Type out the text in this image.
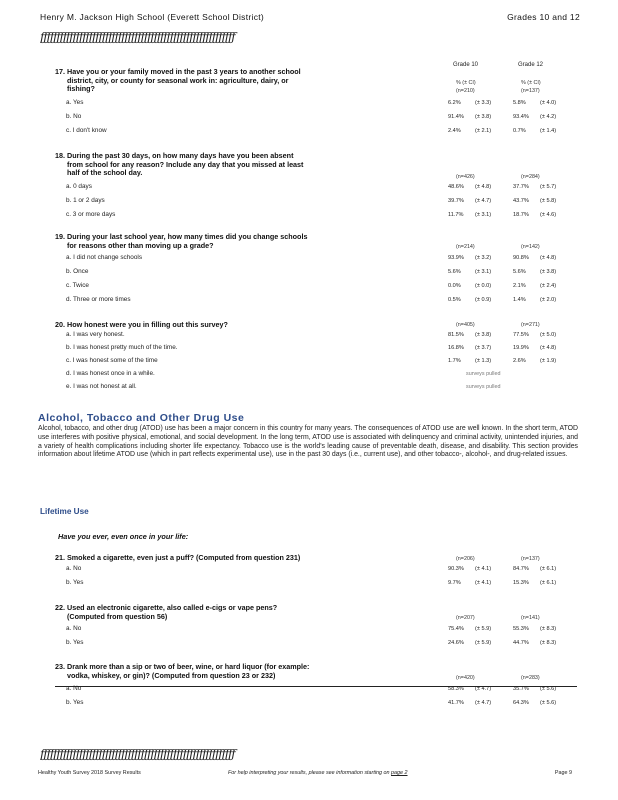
Henry M. Jackson High School (Everett School District)	Grades 10 and 12
ƒƒƒƒƒƒƒƒƒƒƒƒƒƒƒƒƒƒƒƒƒƒƒƒƒƒƒƒƒƒƒƒƒƒƒƒƒƒƒƒƒƒƒƒƒƒƒƒƒƒƒƒƒƒƒƒƒƒƒƒ
Grade 10	Grade 12
% (± CI)	% (± CI)
17. Have you or your family moved in the past 3 years to another school
district, city, or county for seasonal work in: agriculture, dairy, or
fishing?	(n=210)	(n=137)
a. Yes	6.2%	(± 3.3)	5.8%	(± 4.0)
b. No	91.4% (± 3.8)	93.4% (± 4.2)
c. I don't know	2.4%	(± 2.1)	0.7%	(± 1.4)
18. During the past 30 days, on how many days have you been absent
from school for any reason? Include any day that you missed at least
half of the school day.	(n=426)	(n=284)
a. 0 days	48.6% (± 4.8)	37.7% (± 5.7)
b. 1 or 2 days	39.7% (± 4.7)	43.7% (± 5.8)
c. 3 or more days	11.7% (± 3.1)	18.7% (± 4.6)
19. During your last school year, how many times did you change schools
for reasons other than moving up a grade?	(n=214)	(n=142)
a. I did not change schools	93.9% (± 3.2)	90.8% (± 4.8)
b. Once	5.6%	(± 3.1)	5.6%	(± 3.8)
c. Twice	0.0%	(± 0.0)	2.1%	(± 2.4)
d. Three or more times	0.5%	(± 0.9)	1.4%	(± 2.0)
20. How honest were you in filling out this survey?	(n=405)	(n=271)
a. I was very honest.	81.5% (± 3.8)	77.5% (± 5.0)
b. I was honest pretty much of the time.	16.8% (± 3.7)	19.9% (± 4.8)
c. I was honest some of the time	1.7%	(± 1.3)	2.6%	(± 1.9)
d. I was honest once in a while.	surveys pulled
e. I was not honest at all.	surveys pulled
Alcohol, Tobacco and Other Drug Use
Alcohol, tobacco, and other drug (ATOD) use has been a major concern in this country for many years. The consequences of ATOD use are well known. In the short term, ATOD use interferes with positive physical, emotional, and social development. In the long term, ATOD use is associated with delinquency and criminal activity, unintended injuries, and a variety of health complications including shorter life expectancy. Tobacco use is the world's leading cause of preventable death, disease, and disability. This section provides information about lifetime ATOD use (which in part reflects experimental use), use in the past 30 days (i.e., current use), and other tobacco-, alcohol-, and drug-related issues.
Lifetime Use
Have you ever, even once in your life:
21. Smoked a cigarette, even just a puff? (Computed from question 231)	(n=206)	(n=137)
a. No	90.3% (± 4.1)	84.7% (± 6.1)
b. Yes	9.7%	(± 4.1)	15.3% (± 6.1)
22. Used an electronic cigarette, also called e-cigs or vape pens?
(Computed from question 56)	(n=207)	(n=141)
a. No	75.4% (± 5.9)	55.3% (± 8.3)
b. Yes	24.6% (± 5.9)	44.7% (± 8.3)
23. Drank more than a sip or two of beer, wine, or hard liquor (for example:
vodka, whiskey, or gin)? (Computed from question 23 or 232)	(n=420)	(n=283)
a. No	58.3% (± 4.7)	35.7% (± 5.6)
b. Yes	41.7% (± 4.7)	64.3% (± 5.6)
ƒƒƒƒƒƒƒƒƒƒƒƒƒƒƒƒƒƒƒƒƒƒƒƒƒƒƒƒƒƒƒƒƒƒƒƒƒƒƒƒƒƒƒƒƒƒƒƒƒƒƒƒƒƒƒƒƒƒƒƒ
Healthy Youth Survey 2018 Survey Results	For help interpreting your results, please see information starting on page 2	Page 9
